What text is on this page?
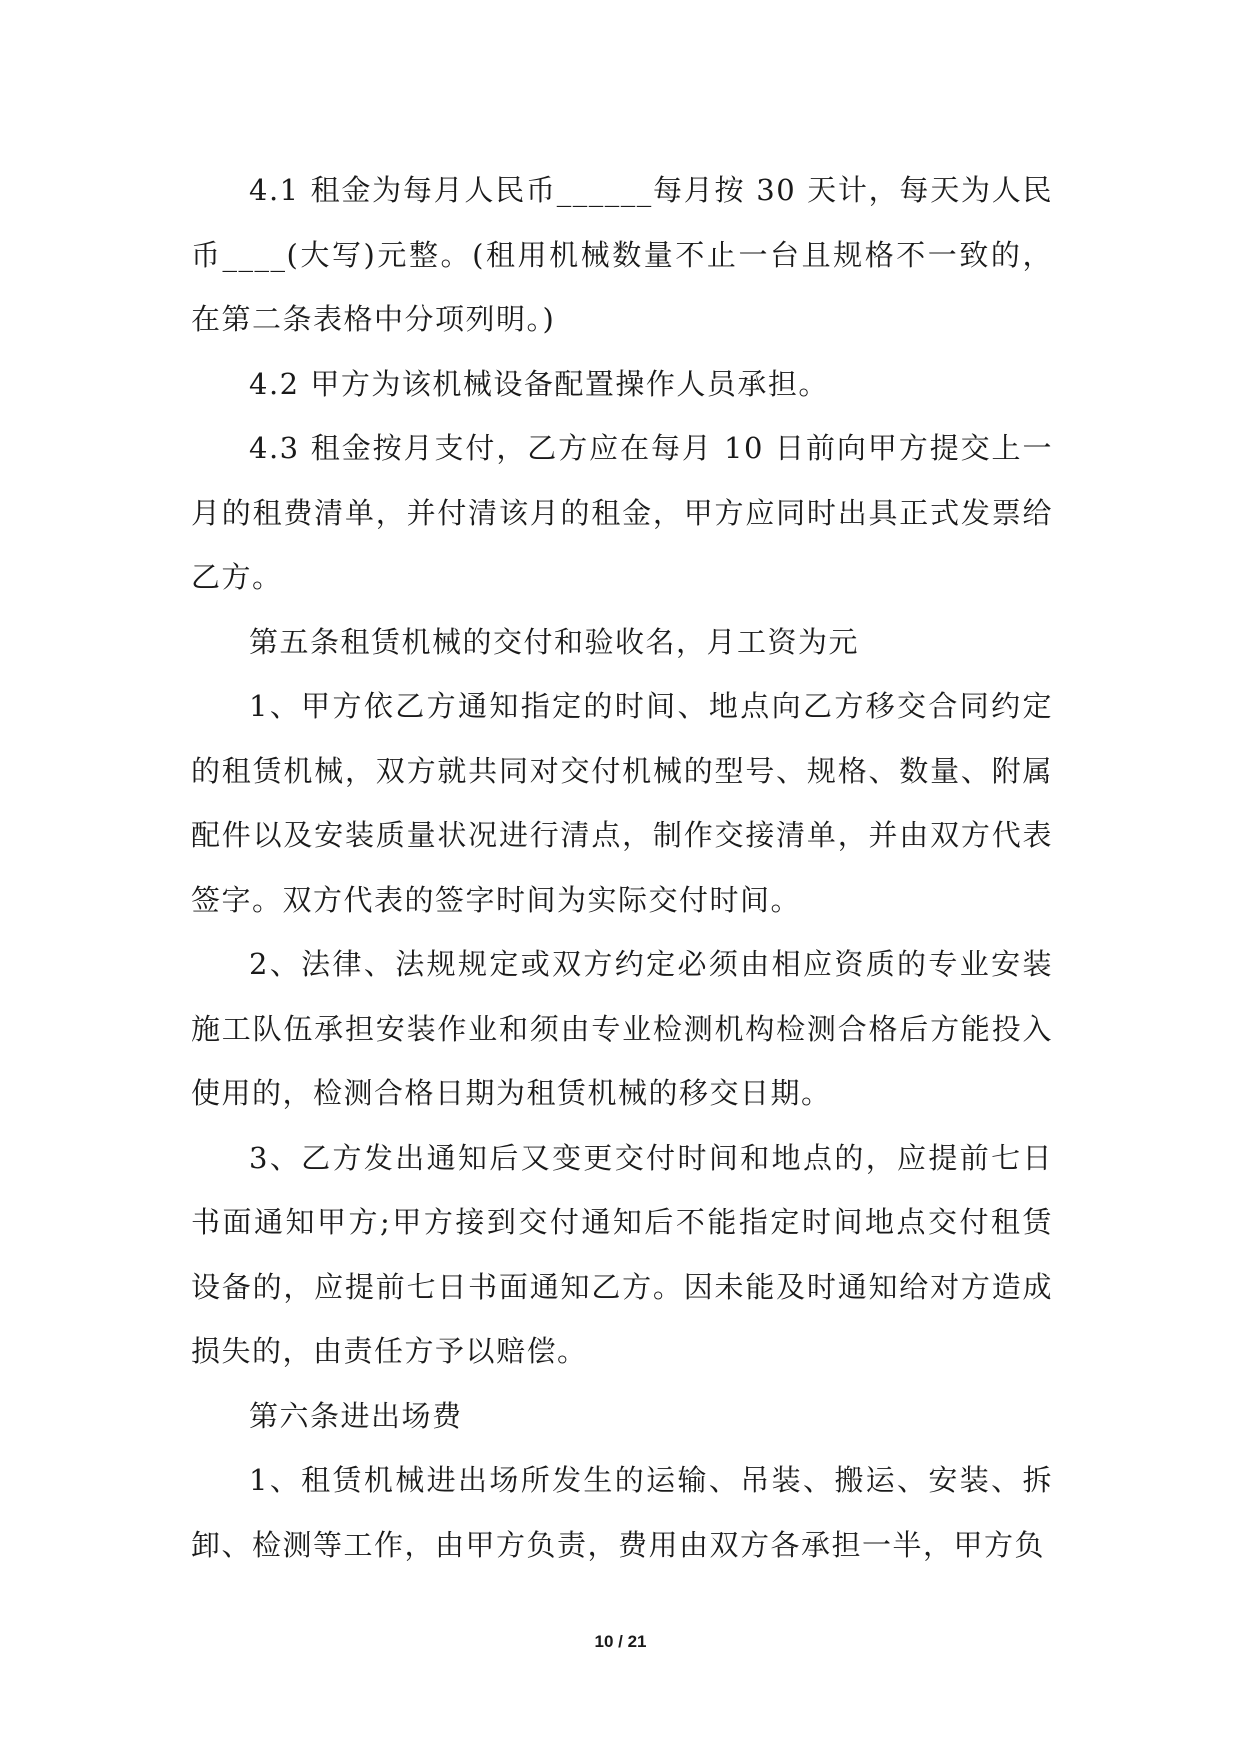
4.1 租金为每月人民币______每月按 30 天计，每天为人民币____(大写)元整。(租用机械数量不止一台且规格不一致的，在第二条表格中分项列明。)

4.2 甲方为该机械设备配置操作人员承担。

4.3 租金按月支付，乙方应在每月 10 日前向甲方提交上一月的租费清单，并付清该月的租金，甲方应同时出具正式发票给乙方。

第五条租赁机械的交付和验收名，月工资为元

1、甲方依乙方通知指定的时间、地点向乙方移交合同约定的租赁机械，双方就共同对交付机械的型号、规格、数量、附属配件以及安装质量状况进行清点，制作交接清单，并由双方代表签字。双方代表的签字时间为实际交付时间。

2、法律、法规规定或双方约定必须由相应资质的专业安装施工队伍承担安装作业和须由专业检测机构检测合格后方能投入使用的，检测合格日期为租赁机械的移交日期。

3、乙方发出通知后又变更交付时间和地点的，应提前七日书面通知甲方;甲方接到交付通知后不能指定时间地点交付租赁设备的，应提前七日书面通知乙方。因未能及时通知给对方造成损失的，由责任方予以赔偿。

第六条进出场费

1、租赁机械进出场所发生的运输、吊装、搬运、安装、拆卸、检测等工作，由甲方负责，费用由双方各承担一半，甲方负

10 / 21
